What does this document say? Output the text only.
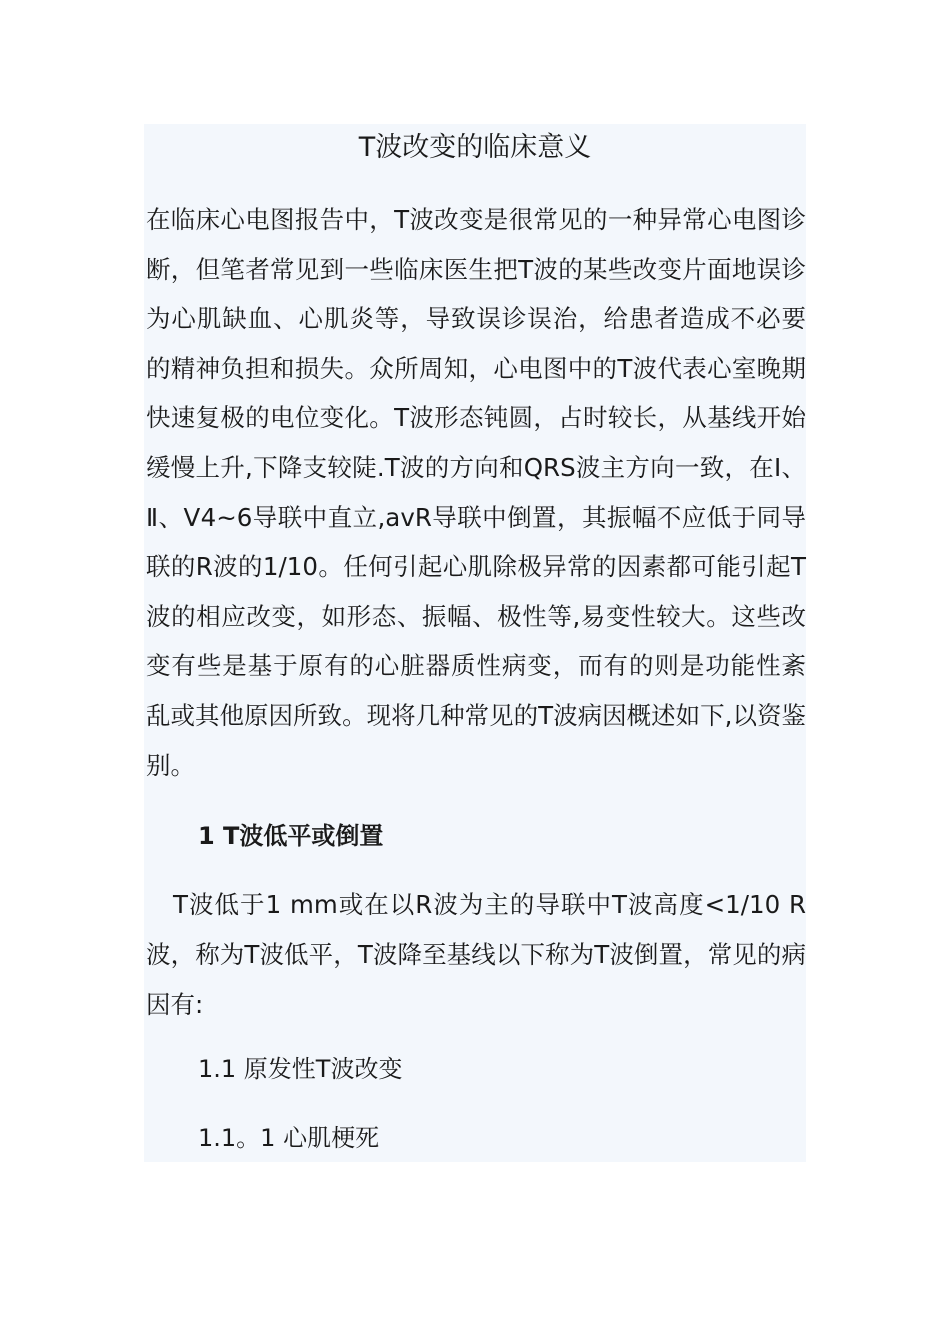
T波改变的临床意义

在临床心电图报告中，T波改变是很常见的一种异常心电图诊断，但笔者常见到一些临床医生把T波的某些改变片面地误诊为心肌缺血、心肌炎等，导致误诊误治，给患者造成不必要的精神负担和损失。众所周知，心电图中的T波代表心室晚期快速复极的电位变化。T波形态钝圆，占时较长，从基线开始缓慢上升,下降支较陡.T波的方向和QRS波主方向一致，在Ⅰ、Ⅱ、Ⅴ4~6导联中直立,avR导联中倒置，其振幅不应低于同导联的R波的1/10。任何引起心肌除极异常的因素都可能引起T波的相应改变，如形态、振幅、极性等,易变性较大。这些改变有些是基于原有的心脏器质性病变，而有的则是功能性紊乱或其他原因所致。现将几种常见的T波病因概述如下,以资鉴别。

1 T波低平或倒置

T波低于1 mm或在以R波为主的导联中T波高度<1/10 R波，称为T波低平，T波降至基线以下称为T波倒置，常见的病因有:

1.1 原发性T波改变
1.1。1 心肌梗死
